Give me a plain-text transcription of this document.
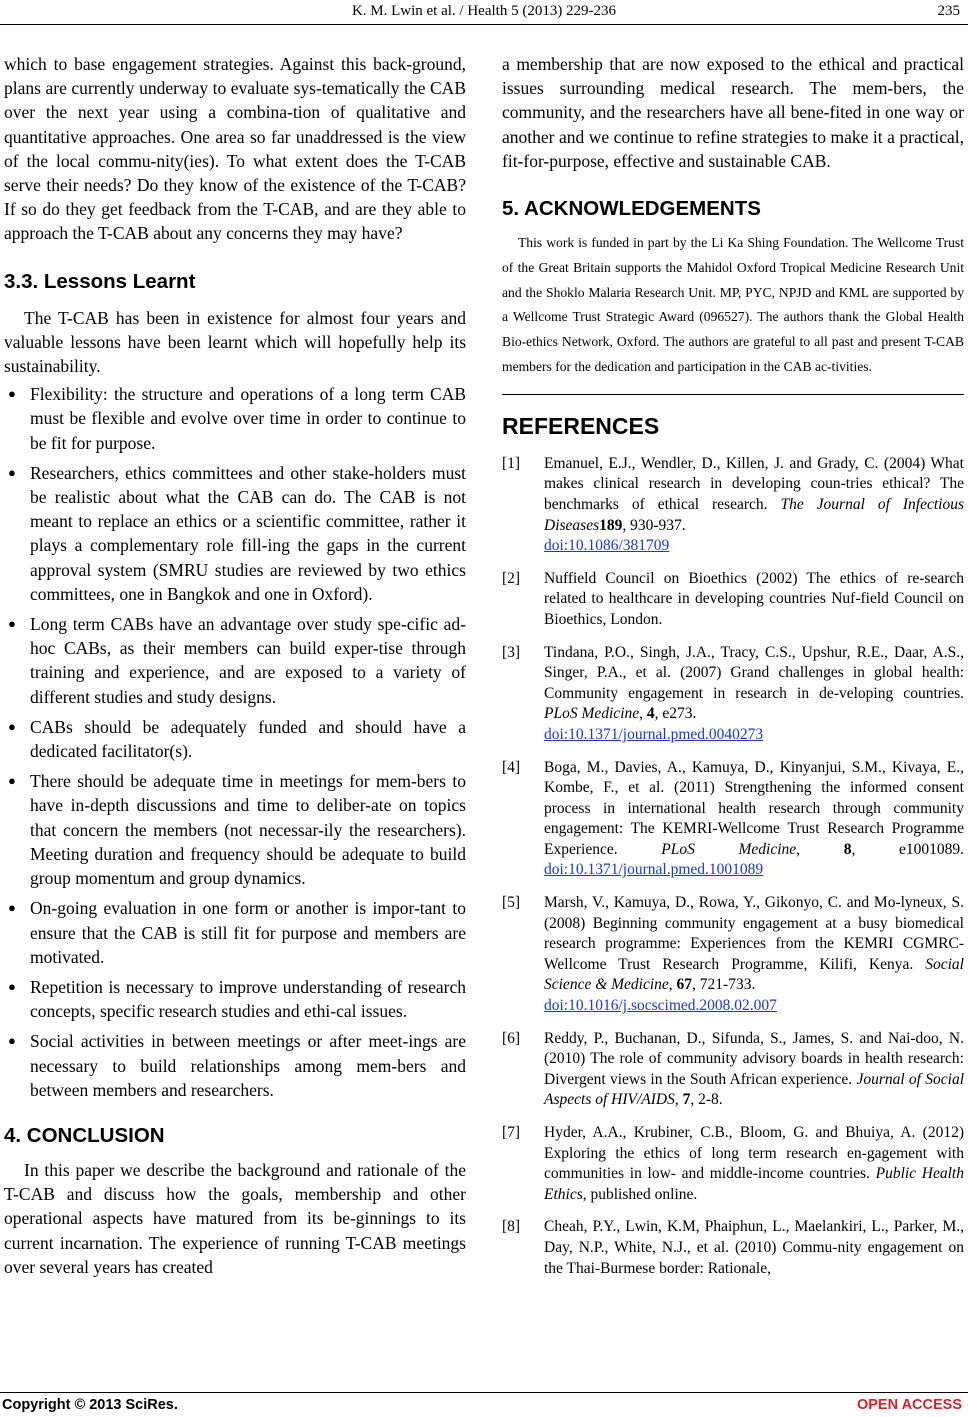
K. M. Lwin et al. / Health 5 (2013) 229-236	235

which to base engagement strategies. Against this back-ground, plans are currently underway to evaluate sys-tematically the CAB over the next year using a combina-tion of qualitative and quantitative approaches. One area so far unaddressed is the view of the local commu-nity(ies). To what extent does the T-CAB serve their needs? Do they know of the existence of the T-CAB? If so do they get feedback from the T-CAB, and are they able to approach the T-CAB about any concerns they may have?

3.3. Lessons Learnt

The T-CAB has been in existence for almost four years and valuable lessons have been learnt which will hopefully help its sustainability.

● Flexibility: the structure and operations of a long term CAB must be flexible and evolve over time in order to continue to be fit for purpose.
● Researchers, ethics committees and other stake-holders must be realistic about what the CAB can do. The CAB is not meant to replace an ethics or a scientific committee, rather it plays a complementary role fill-ing the gaps in the current approval system (SMRU studies are reviewed by two ethics committees, one in Bangkok and one in Oxford).
● Long term CABs have an advantage over study spe-cific ad-hoc CABs, as their members can build exper-tise through training and experience, and are exposed to a variety of different studies and study designs.
● CABs should be adequately funded and should have a dedicated facilitator(s).
● There should be adequate time in meetings for mem-bers to have in-depth discussions and time to deliber-ate on topics that concern the members (not necessar-ily the researchers). Meeting duration and frequency should be adequate to build group momentum and group dynamics.
● On-going evaluation in one form or another is impor-tant to ensure that the CAB is still fit for purpose and members are motivated.
● Repetition is necessary to improve understanding of research concepts, specific research studies and ethi-cal issues.
● Social activities in between meetings or after meet-ings are necessary to build relationships among mem-bers and between members and researchers.
4. CONCLUSION

In this paper we describe the background and rationale of the T-CAB and discuss how the goals, membership and other operational aspects have matured from its be-ginnings to its current incarnation. The experience of running T-CAB meetings over several years has created

a membership that are now exposed to the ethical and practical issues surrounding medical research. The mem-bers, the community, and the researchers have all bene-fited in one way or another and we continue to refine strategies to make it a practical, fit-for-purpose, effective and sustainable CAB.

5. ACKNOWLEDGEMENTS

This work is funded in part by the Li Ka Shing Foundation. The Wellcome Trust of the Great Britain supports the Mahidol Oxford Tropical Medicine Research Unit and the Shoklo Malaria Research Unit. MP, PYC, NPJD and KML are supported by a Wellcome Trust Strategic Award (096527). The authors thank the Global Health Bio-ethics Network, Oxford. The authors are grateful to all past and present T-CAB members for the dedication and participation in the CAB ac-tivities.

REFERENCES
[1] Emanuel, E.J., Wendler, D., Killen, J. and Grady, C. (2004) What makes clinical research in developing coun-tries ethical? The benchmarks of ethical research. The Journal of Infectious Diseases189, 930-937.
doi:10.1086/381709
[2] Nuffield Council on Bioethics (2002) The ethics of re-search related to healthcare in developing countries Nuf-field Council on Bioethics, London.
[3] Tindana, P.O., Singh, J.A., Tracy, C.S., Upshur, R.E., Daar, A.S., Singer, P.A., et al. (2007) Grand challenges in global health: Community engagement in research in de-veloping countries. PLoS Medicine, 4, e273.
doi:10.1371/journal.pmed.0040273
[4] Boga, M., Davies, A., Kamuya, D., Kinyanjui, S.M., Kivaya, E., Kombe, F., et al. (2011) Strengthening the informed consent process in international health research through community engagement: The KEMRI-Wellcome Trust Research Programme Experience.	PLoS Medicine, 8, e1001089. doi:10.1371/journal.pmed.1001089
[5] Marsh, V., Kamuya, D., Rowa, Y., Gikonyo, C. and Mo-lyneux, S. (2008) Beginning community engagement at a busy biomedical research programme: Experiences from the KEMRI CGMRC-Wellcome Trust Research Programme, Kilifi, Kenya. Social Science & Medicine, 67, 721-733.
doi:10.1016/j.socscimed.2008.02.007
[6] Reddy, P., Buchanan, D., Sifunda, S., James, S. and Nai-doo, N. (2010) The role of community advisory boards in health research: Divergent views in the South African experience. Journal of Social Aspects of HIV/AIDS, 7, 2-8.
[7] Hyder, A.A., Krubiner, C.B., Bloom, G. and Bhuiya, A. (2012) Exploring the ethics of long term research en-gagement with communities in low- and middle-income countries. Public Health Ethics, published online.
[8] Cheah, P.Y., Lwin, K.M, Phaiphun, L., Maelankiri, L., Parker, M., Day, N.P., White, N.J., et al. (2010) Commu-nity engagement on the Thai-Burmese border: Rationale,
Copyright © 2013 SciRes.	OPEN ACCESS
